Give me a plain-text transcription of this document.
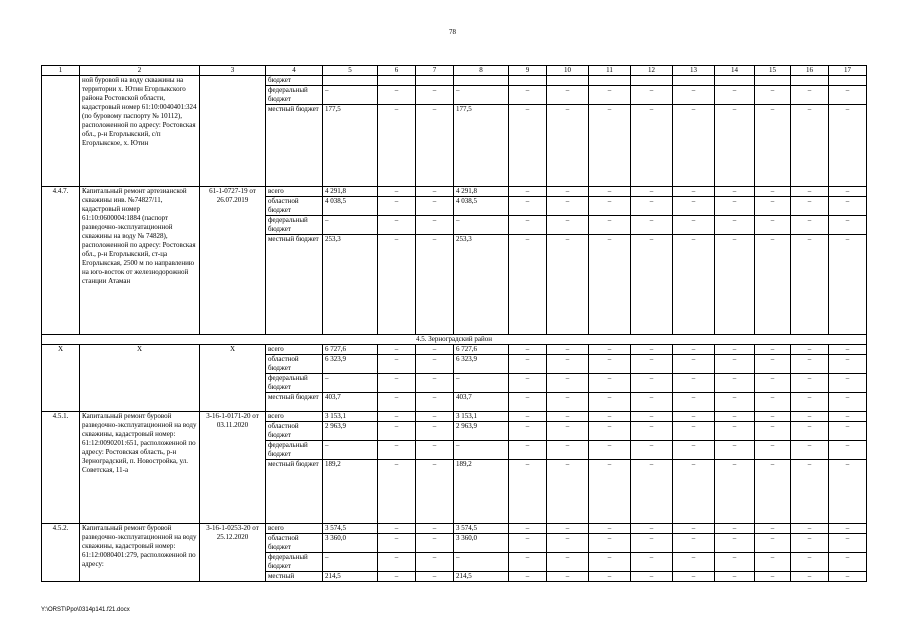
78
1	2	3	4	5	6	7	8	9	10	11	12	13	14	15	16	17
	ной буровой на воду скважины на территории х. Ютин Егорлыкского района Ростовской области, кадастровый номер 61:10:0040401:324 (по буровому паспорту № 10112), расположенной по адресу: Ростовская обл., р-н Егорлыкский, с/п Егорлыкское, х. Ютин		бюджет													
			федеральный бюджет	–	–	–	–	–	–	–	–	–	–	–	–	–
			местный бюджет	177,5	–	–	177,5	–	–	–	–	–	–	–	–	–
4.4.7.	Капитальный ремонт артезианской скважины инв. №74827/11, кадастровый номер 61:10:0600004:1884 (паспорт разведочно-эксплуатационной скважины на воду № 74828), расположенной по адресу: Ростовская обл., р-н Егорлыкский, ст-ца Егорлыкская, 2500 м по направлению на юго-восток от железнодорожной станции Атаман	61-1-0727-19 от 26.07.2019	всего	4 291,8	–	–	4 291,8	–	–	–	–	–	–	–	–	–
			областной бюджет	4 038,5	–	–	4 038,5	–	–	–	–	–	–	–	–	–
			федеральный бюджет	–	–	–	–	–	–	–	–	–	–	–	–	–
			местный бюджет	253,3	–	–	253,3	–	–	–	–	–	–	–	–	–
4.5. Зерноградский район																
X	X	X	всего	6 727,6	–	–	6 727,6	–	–	–	–	–	–	–	–	–
			областной бюджет	6 323,9	–	–	6 323,9	–	–	–	–	–	–	–	–	–
			федеральный бюджет	–	–	–	–	–	–	–	–	–	–	–	–	–
			местный бюджет	403,7	–	–	403,7	–	–	–	–	–	–	–	–	–
4.5.1.	Капитальный ремонт буровой разведочно-эксплуатационной на воду скважины, кадастровый номер: 61:12:0090201:651, расположенной по адресу: Ростовская область, р-н Зерноградский, п. Новостройка, ул. Советская, 11-а	3-16-1-0171-20 от 03.11.2020	всего	3 153,1	–	–	3 153,1	–	–	–	–	–	–	–	–	–
			областной бюджет	2 963,9	–	–	2 963,9	–	–	–	–	–	–	–	–	–
			федеральный бюджет	–	–	–	–	–	–	–	–	–	–	–	–	–
			местный бюджет	189,2	–	–	189,2	–	–	–	–	–	–	–	–	–
4.5.2.	Капитальный ремонт буровой разведочно-эксплуатационной на воду скважины, кадастровый номер: 61:12:0080401:279, расположенной по адресу:	3-16-1-0253-20 от 25.12.2020	всего	3 574,5	–	–	3 574,5	–	–	–	–	–	–	–	–	–
			областной бюджет	3 360,0	–	–	3 360,0	–	–	–	–	–	–	–	–	–
			федеральный бюджет	–	–	–	–	–	–	–	–	–	–	–	–	–
			местный	214,5	–	–	214,5	–	–	–	–	–	–	–	–	–
Y:\ORST\Ppo\0314p141.f21.docx
